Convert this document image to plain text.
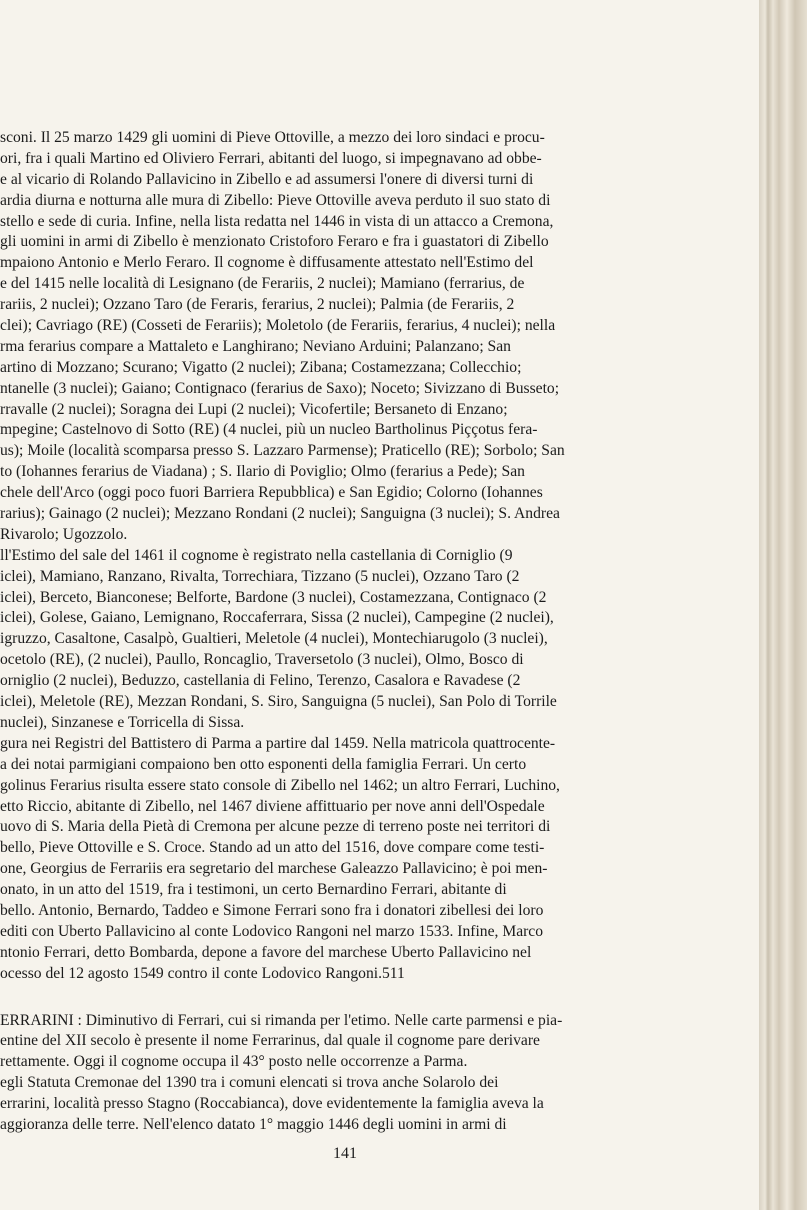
sconi. Il 25 marzo 1429 gli uomini di Pieve Ottoville, a mezzo dei loro sindaci e procu-
ori, fra i quali Martino ed Oliviero Ferrari, abitanti del luogo, si impegnavano ad obbe-
e al vicario di Rolando Pallavicino in Zibello e ad assumersi l'onere di diversi turni di
ardia diurna e notturna alle mura di Zibello: Pieve Ottoville aveva perduto il suo stato di
stello e sede di curia. Infine, nella lista redatta nel 1446 in vista di un attacco a Cremona,
gli uomini in armi di Zibello è menzionato Cristoforo Feraro e fra i guastatori di Zibello
mpaiono Antonio e Merlo Feraro. Il cognome è diffusamente attestato nell'Estimo del
e del 1415 nelle località di Lesignano (de Ferariis, 2 nuclei); Mamiano (ferrarius, de
rariis, 2 nuclei); Ozzano Taro (de Feraris, ferarius, 2 nuclei); Palmia (de Ferariis, 2
clei); Cavriago (RE) (Cosseti de Ferariis); Moletolo (de Ferariis, ferarius, 4 nuclei); nella
rma ferarius compare a Mattaleto e Langhirano; Neviano Arduini; Palanzano; San
artino di Mozzano; Scurano; Vigatto (2 nuclei); Zibana; Costamezzana; Collecchio;
ntanelle (3 nuclei); Gaiano; Contignaco (ferarius de Saxo); Noceto; Sivizzano di Busseto;
rravalle (2 nuclei); Soragna dei Lupi (2 nuclei); Vicofertile; Bersaneto di Enzano;
mpegine; Castelnovo di Sotto (RE) (4 nuclei, più un nucleo Bartholinus Piççotus fera-
us); Moile (località scomparsa presso S. Lazzaro Parmense); Praticello (RE); Sorbolo; San
to (Iohannes ferarius de Viadana) ; S. Ilario di Poviglio; Olmo (ferarius a Pede); San
chele dell'Arco (oggi poco fuori Barriera Repubblica) e San Egidio; Colorno (Iohannes
rarius); Gainago (2 nuclei); Mezzano Rondani (2 nuclei); Sanguigna (3 nuclei); S. Andrea
Rivarolo; Ugozzolo.
ll'Estimo del sale del 1461 il cognome è registrato nella castellania di Corniglio (9
iclei), Mamiano, Ranzano, Rivalta, Torrechiara, Tizzano (5 nuclei), Ozzano Taro (2
iclei), Berceto, Bianconese; Belforte, Bardone (3 nuclei), Costamezzana, Contignaco (2
iclei), Golese, Gaiano, Lemignano, Roccaferrara, Sissa (2 nuclei), Campegine (2 nuclei),
igruzzo, Casaltone, Casalpò, Gualtieri, Meletole (4 nuclei), Montechiarugolo (3 nuclei),
ocetolo (RE), (2 nuclei), Paullo, Roncaglio, Traversetolo (3 nuclei), Olmo, Bosco di
orniglio (2 nuclei), Beduzzo, castellania di Felino, Terenzo, Casalora e Ravadese (2
iclei), Meletole (RE), Mezzan Rondani, S. Siro, Sanguigna (5 nuclei), San Polo di Torrile
nuclei), Sinzanese e Torricella di Sissa.
gura nei Registri del Battistero di Parma a partire dal 1459. Nella matricola quattrocente-
a dei notai parmigiani compaiono ben otto esponenti della famiglia Ferrari. Un certo
golinus Ferarius risulta essere stato console di Zibello nel 1462; un altro Ferrari, Luchino,
etto Riccio, abitante di Zibello, nel 1467 diviene affittuario per nove anni dell'Ospedale
uovo di S. Maria della Pietà di Cremona per alcune pezze di terreno poste nei territori di
bello, Pieve Ottoville e S. Croce. Stando ad un atto del 1516, dove compare come testi-
one, Georgius de Ferrariis era segretario del marchese Galeazzo Pallavicino; è poi men-
onato, in un atto del 1519, fra i testimoni, un certo Bernardino Ferrari, abitante di
bello. Antonio, Bernardo, Taddeo e Simone Ferrari sono fra i donatori zibellesi dei loro
editi con Uberto Pallavicino al conte Lodovico Rangoni nel marzo 1533. Infine, Marco
ntonio Ferrari, detto Bombarda, depone a favore del marchese Uberto Pallavicino nel
ocesso del 12 agosto 1549 contro il conte Lodovico Rangoni.511
ERRARINI : Diminutivo di Ferrari, cui si rimanda per l'etimo. Nelle carte parmensi e pia-
entine del XII secolo è presente il nome Ferrarinus, dal quale il cognome pare derivare
rettamente. Oggi il cognome occupa il 43° posto nelle occorrenze a Parma.
egli Statuta Cremonae del 1390 tra i comuni elencati si trova anche Solarolo dei
errarini, località presso Stagno (Roccabianca), dove evidentemente la famiglia aveva la
aggioranza delle terre. Nell'elenco datato 1° maggio 1446 degli uomini in armi di
141
